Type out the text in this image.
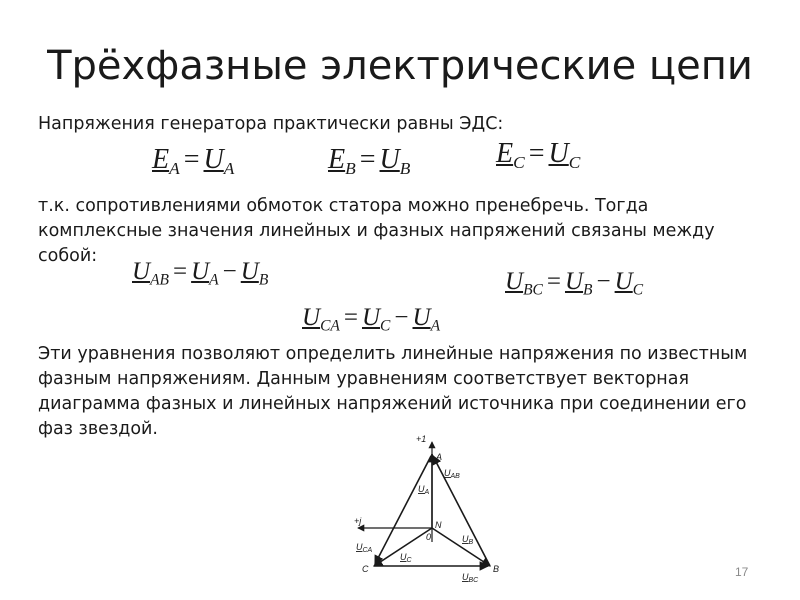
Трёхфазные электрические цепи
Напряжения генератора практически равны ЭДС:
$E_A = U_A$	$E_B = U_B$	$E_C = U_C$
т.к. сопротивлениями обмоток статора можно пренебречь. Тогда комплексные значения линейных и фазных напряжений связаны между собой:
$U_{AB} = U_A - U_B$	$U_{BC} = U_B - U_C$
$U_{CA} = U_C - U_A$
Эти уравнения позволяют определить линейные напряжения по известным фазным напряжениям. Данным уравнениям соответствует векторная диаграмма фазных и линейных напряжений источника при соединении его фаз звездой.	+1
+j
A
B
C
N
0
$U_A$
$U_{AB}$
$U_B$
$U_C$
$U_{CA}$
$U_{BC}$
17
